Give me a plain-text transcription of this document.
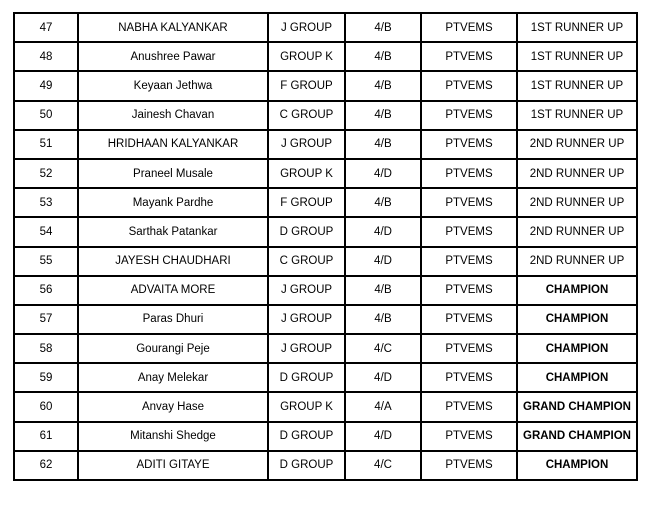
47	NABHA KALYANKAR	J GROUP	4/B	PTVEMS	1ST RUNNER UP
48	Anushree Pawar	GROUP K	4/B	PTVEMS	1ST RUNNER UP
49	Keyaan Jethwa	F GROUP	4/B	PTVEMS	1ST RUNNER UP
50	Jainesh Chavan	C GROUP	4/B	PTVEMS	1ST RUNNER UP
51	HRIDHAAN KALYANKAR	J GROUP	4/B	PTVEMS	2ND RUNNER UP
52	Praneel Musale	GROUP K	4/D	PTVEMS	2ND RUNNER UP
53	Mayank Pardhe	F GROUP	4/B	PTVEMS	2ND RUNNER UP
54	Sarthak Patankar	D GROUP	4/D	PTVEMS	2ND RUNNER UP
55	JAYESH CHAUDHARI	C GROUP	4/D	PTVEMS	2ND RUNNER UP
56	ADVAITA MORE	J GROUP	4/B	PTVEMS	CHAMPION
57	Paras Dhuri	J GROUP	4/B	PTVEMS	CHAMPION
58	Gourangi Peje	J GROUP	4/C	PTVEMS	CHAMPION
59	Anay Melekar	D GROUP	4/D	PTVEMS	CHAMPION
60	Anvay Hase	GROUP K	4/A	PTVEMS	GRAND CHAMPION
61	Mitanshi Shedge	D GROUP	4/D	PTVEMS	GRAND CHAMPION
62	ADITI GITAYE	D GROUP	4/C	PTVEMS	CHAMPION
